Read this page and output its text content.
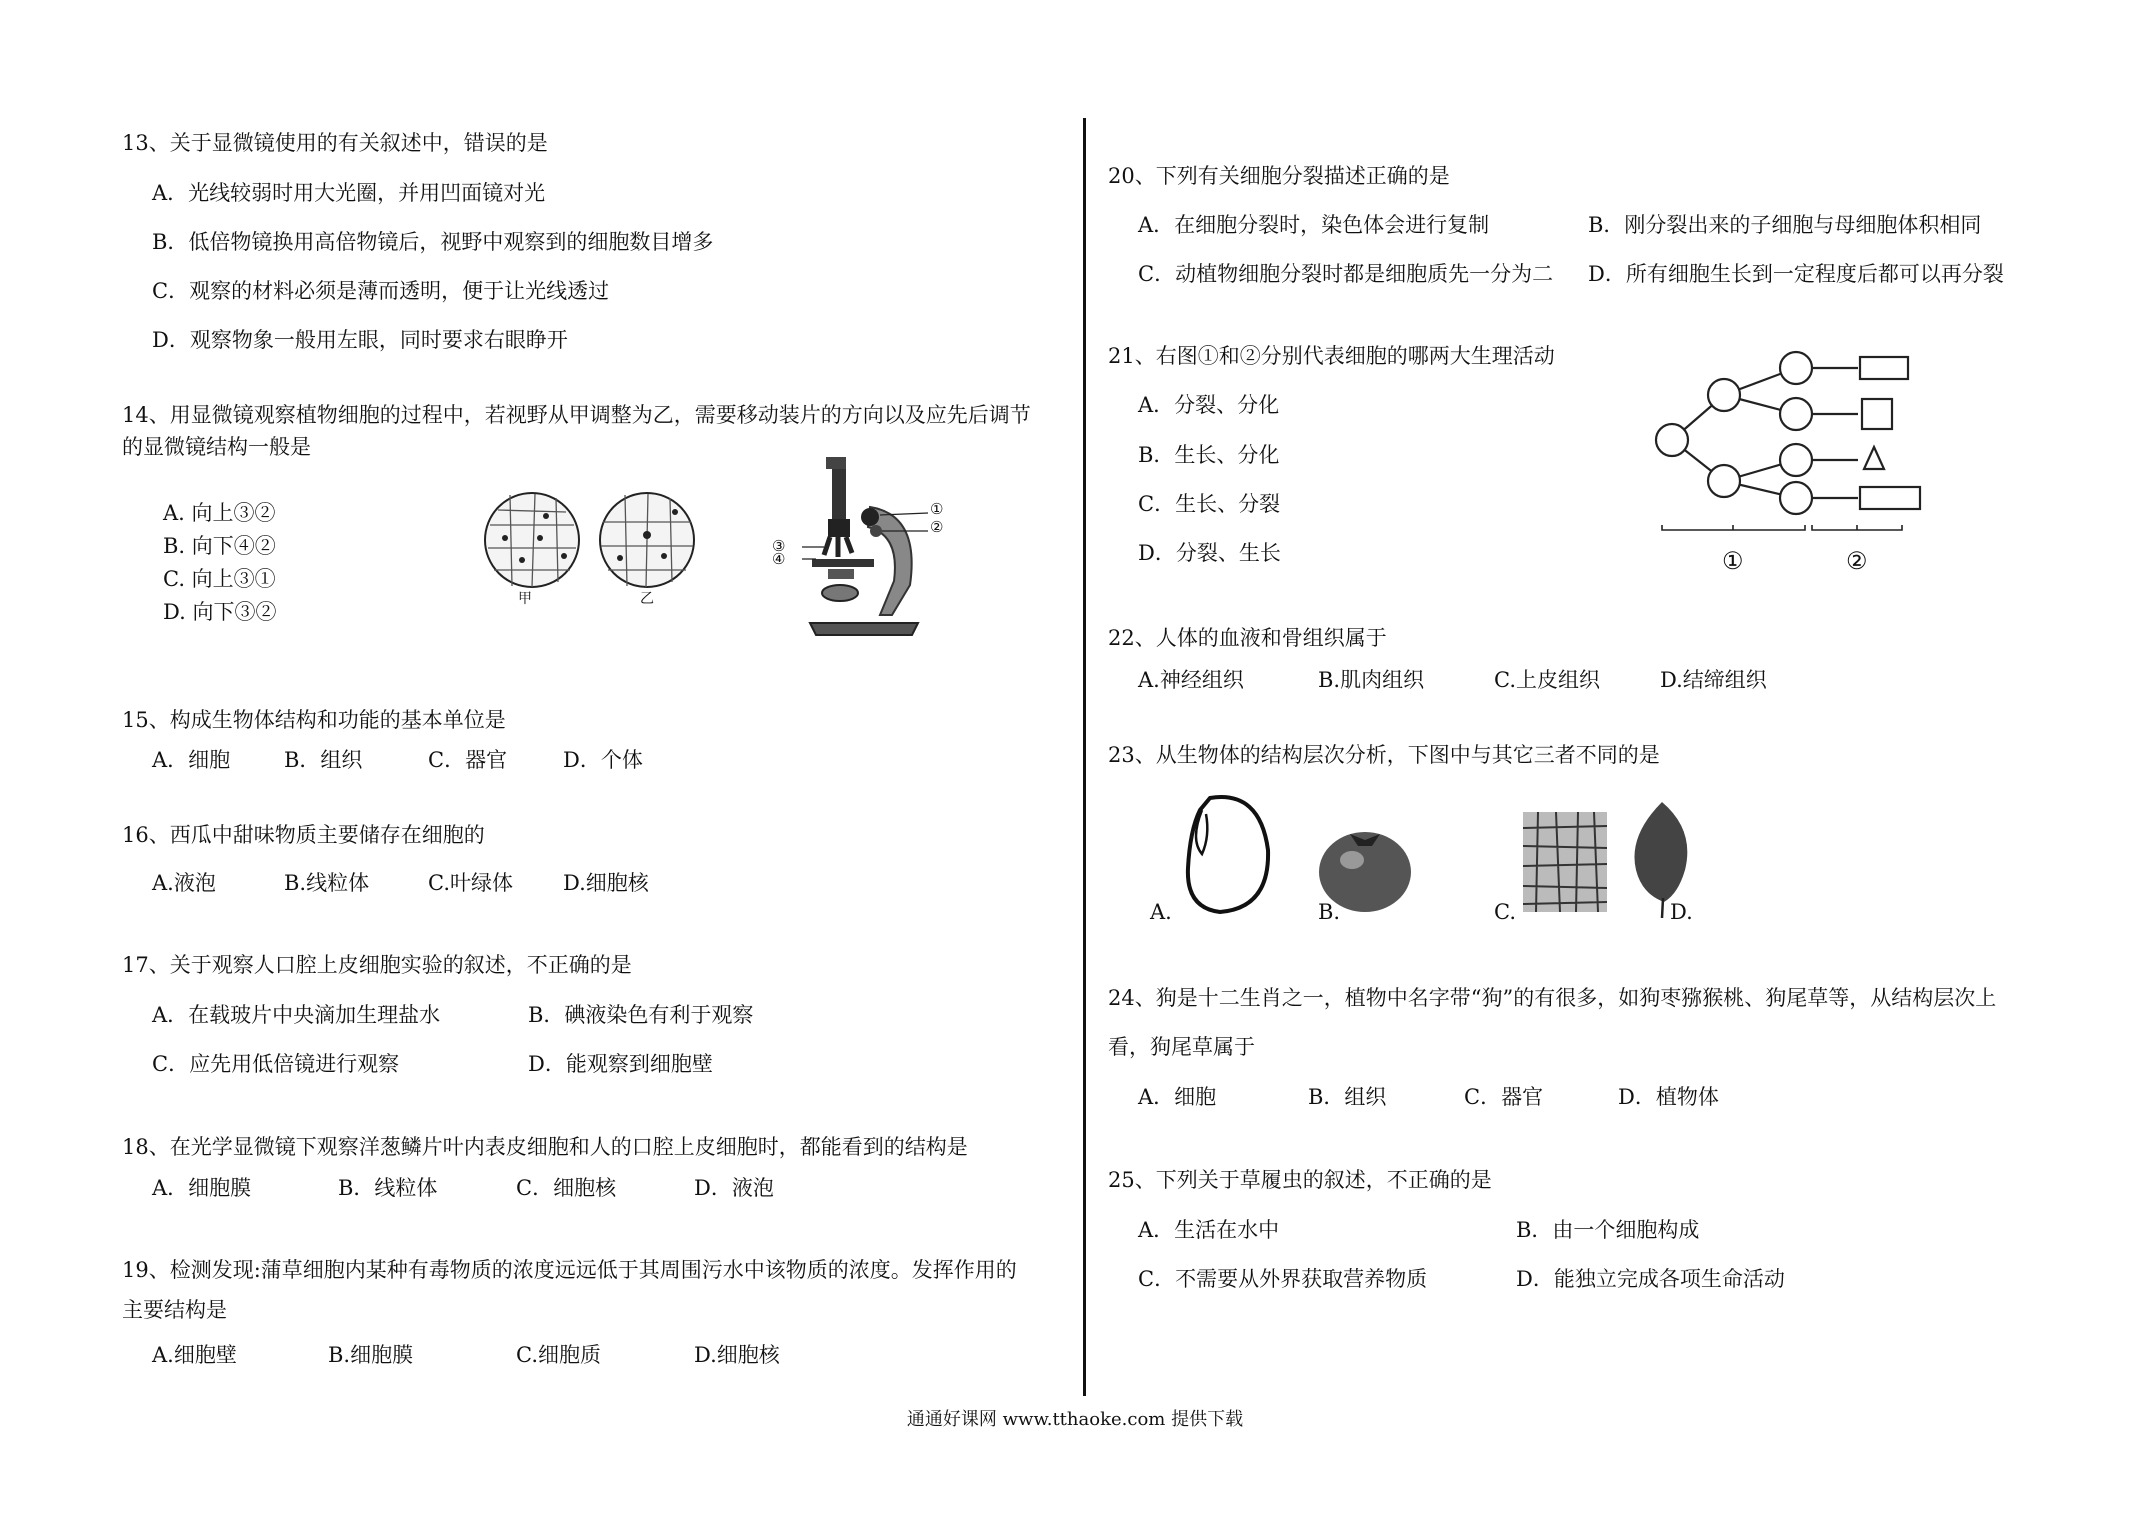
13、关于显微镜使用的有关叙述中，错误的是
A．光线较弱时用大光圈，并用凹面镜对光
B．低倍物镜换用高倍物镜后，视野中观察到的细胞数目增多
C．观察的材料必须是薄而透明，便于让光线透过
D．观察物象一般用左眼，同时要求右眼睁开
14、用显微镜观察植物细胞的过程中，若视野从甲调整为乙，需要移动装片的方向以及应先后调节
的显微镜结构一般是
A. 向上③②
B. 向下④②
C. 向上③①
D. 向下③②
甲	乙
①
②
③
④
15、构成生物体结构和功能的基本单位是
A．细胞	B．组织	C．器官	D．个体
16、西瓜中甜味物质主要储存在细胞的
A.液泡	B.线粒体	C.叶绿体 D.细胞核
17、关于观察人口腔上皮细胞实验的叙述，不正确的是
A．在载玻片中央滴加生理盐水	B．碘液染色有利于观察
C．应先用低倍镜进行观察	D．能观察到细胞壁
18、在光学显微镜下观察洋葱鳞片叶内表皮细胞和人的口腔上皮细胞时，都能看到的结构是
A．细胞膜	B．线粒体	C．细胞核	D．液泡
19、检测发现:蒲草细胞内某种有毒物质的浓度远远低于其周围污水中该物质的浓度。发挥作用的
主要结构是
A.细胞壁	B.细胞膜	C.细胞质	D.细胞核
20、下列有关细胞分裂描述正确的是
A．在细胞分裂时，染色体会进行复制	B．刚分裂出来的子细胞与母细胞体积相同
C．动植物细胞分裂时都是细胞质先一分为二 D．所有细胞生长到一定程度后都可以再分裂
21、右图①和②分别代表细胞的哪两大生理活动
A．分裂、分化
B．生长、分化
C．生长、分裂
D．分裂、生长	①	②
22、人体的血液和骨组织属于
A.神经组织	B.肌肉组织	C.上皮组织	D.结缔组织
23、从生物体的结构层次分析，下图中与其它三者不同的是
A.	B.	C.	D.
24、狗是十二生肖之一，植物中名字带“狗”的有很多，如狗枣猕猴桃、狗尾草等，从结构层次上
看，狗尾草属于
A．细胞	B．组织	C．器官	D．植物体
25、下列关于草履虫的叙述，不正确的是
A．生活在水中	B．由一个细胞构成
C．不需要从外界获取营养物质	D．能独立完成各项生命活动
通通好课网 www.tthaoke.com 提供下载
